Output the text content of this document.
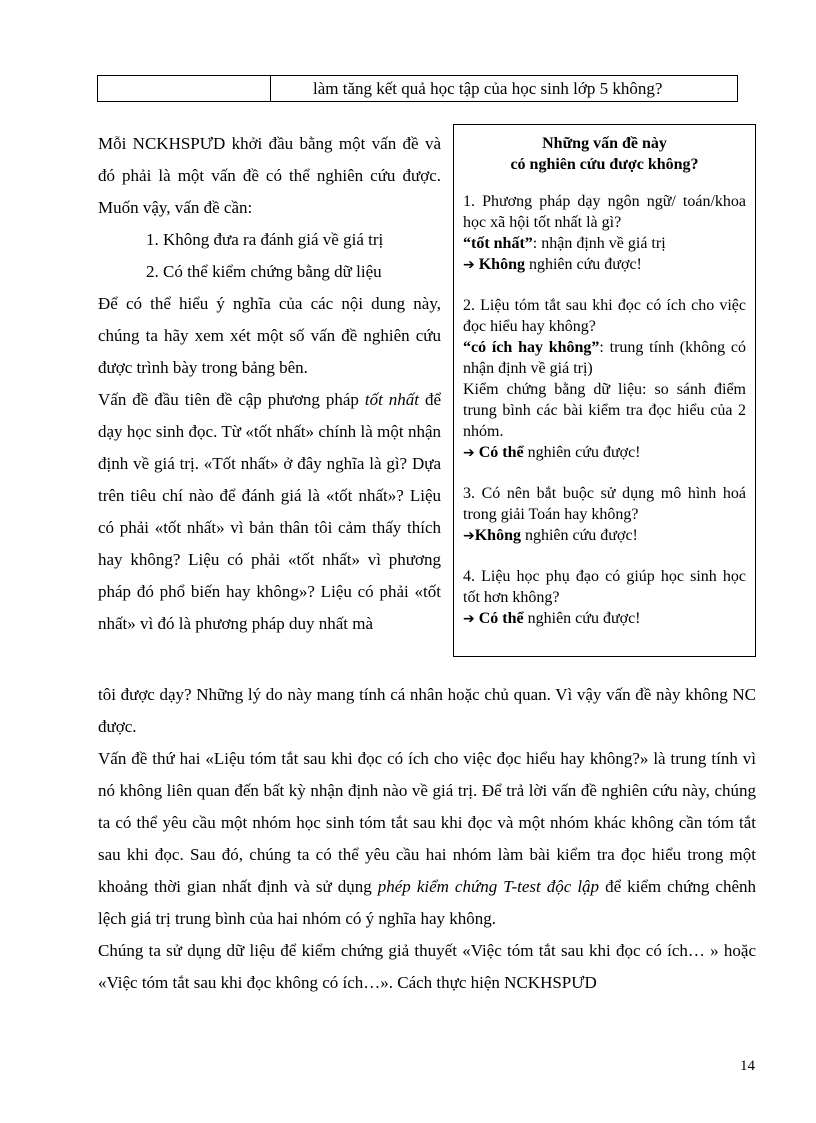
làm tăng kết quả học tập của học sinh lớp 5 không?

Mỗi NCKHSPƯD khởi đầu bằng một vấn đề và đó phải là một vấn đề có thể nghiên cứu được. Muốn vậy, vấn đề cần:

1. Không đưa ra đánh giá về giá trị

2. Có thể kiểm chứng bằng dữ liệu

Để có thể hiểu ý nghĩa của các nội dung này, chúng ta hãy xem xét một số vấn đề nghiên cứu được trình bày trong bảng bên.

Vấn đề đầu tiên đề cập phương pháp tốt nhất để dạy học sinh đọc. Từ «tốt nhất» chính là một nhận định về giá trị. «Tốt nhất» ở đây nghĩa là gì? Dựa trên tiêu chí nào để đánh giá là «tốt nhất»? Liệu có phải «tốt nhất» vì bản thân tôi cảm thấy thích hay không? Liệu có phải «tốt nhất» vì phương pháp đó phổ biến hay không»? Liệu có phải «tốt nhất» vì đó là phương pháp duy nhất mà

Những vấn đề này
có nghiên cứu được không?
1. Phương pháp dạy ngôn ngữ/ toán/khoa học xã hội tốt nhất là gì?
“tốt nhất”: nhận định về giá trị
➔ Không nghiên cứu được!
2. Liệu tóm tắt sau khi đọc có ích cho việc đọc hiểu hay không?
“có ích hay không”: trung tính (không có nhận định về giá trị)
Kiểm chứng bằng dữ liệu: so sánh điểm trung bình các bài kiểm tra đọc hiểu của 2 nhóm.
➔ Có thể nghiên cứu được!
3. Có nên bắt buộc sử dụng mô hình hoá trong giải Toán hay không?
➔Không nghiên cứu được!
4. Liệu học phụ đạo có giúp học sinh học tốt hơn không?
➔ Có thể nghiên cứu được!

tôi được dạy? Những lý do này mang tính cá nhân hoặc chủ quan. Vì vậy vấn đề này không NC được.

Vấn đề thứ hai «Liệu tóm tắt sau khi đọc có ích cho việc đọc hiểu hay không?» là trung tính vì nó không liên quan đến bất kỳ nhận định nào về giá trị. Để trả lời vấn đề nghiên cứu này, chúng ta có thể yêu cầu một nhóm học sinh tóm tắt sau khi đọc và một nhóm khác không cần tóm tắt sau khi đọc. Sau đó, chúng ta có thể yêu cầu hai nhóm làm bài kiểm tra đọc hiểu trong một khoảng thời gian nhất định và sử dụng phép kiểm chứng T-test độc lập để kiểm chứng chênh lệch giá trị trung bình của hai nhóm có ý nghĩa hay không.

Chúng ta sử dụng dữ liệu để kiểm chứng giả thuyết «Việc tóm tắt sau khi đọc có ích… » hoặc «Việc tóm tắt sau khi đọc không có ích…». Cách thực hiện NCKHSPƯD

14
